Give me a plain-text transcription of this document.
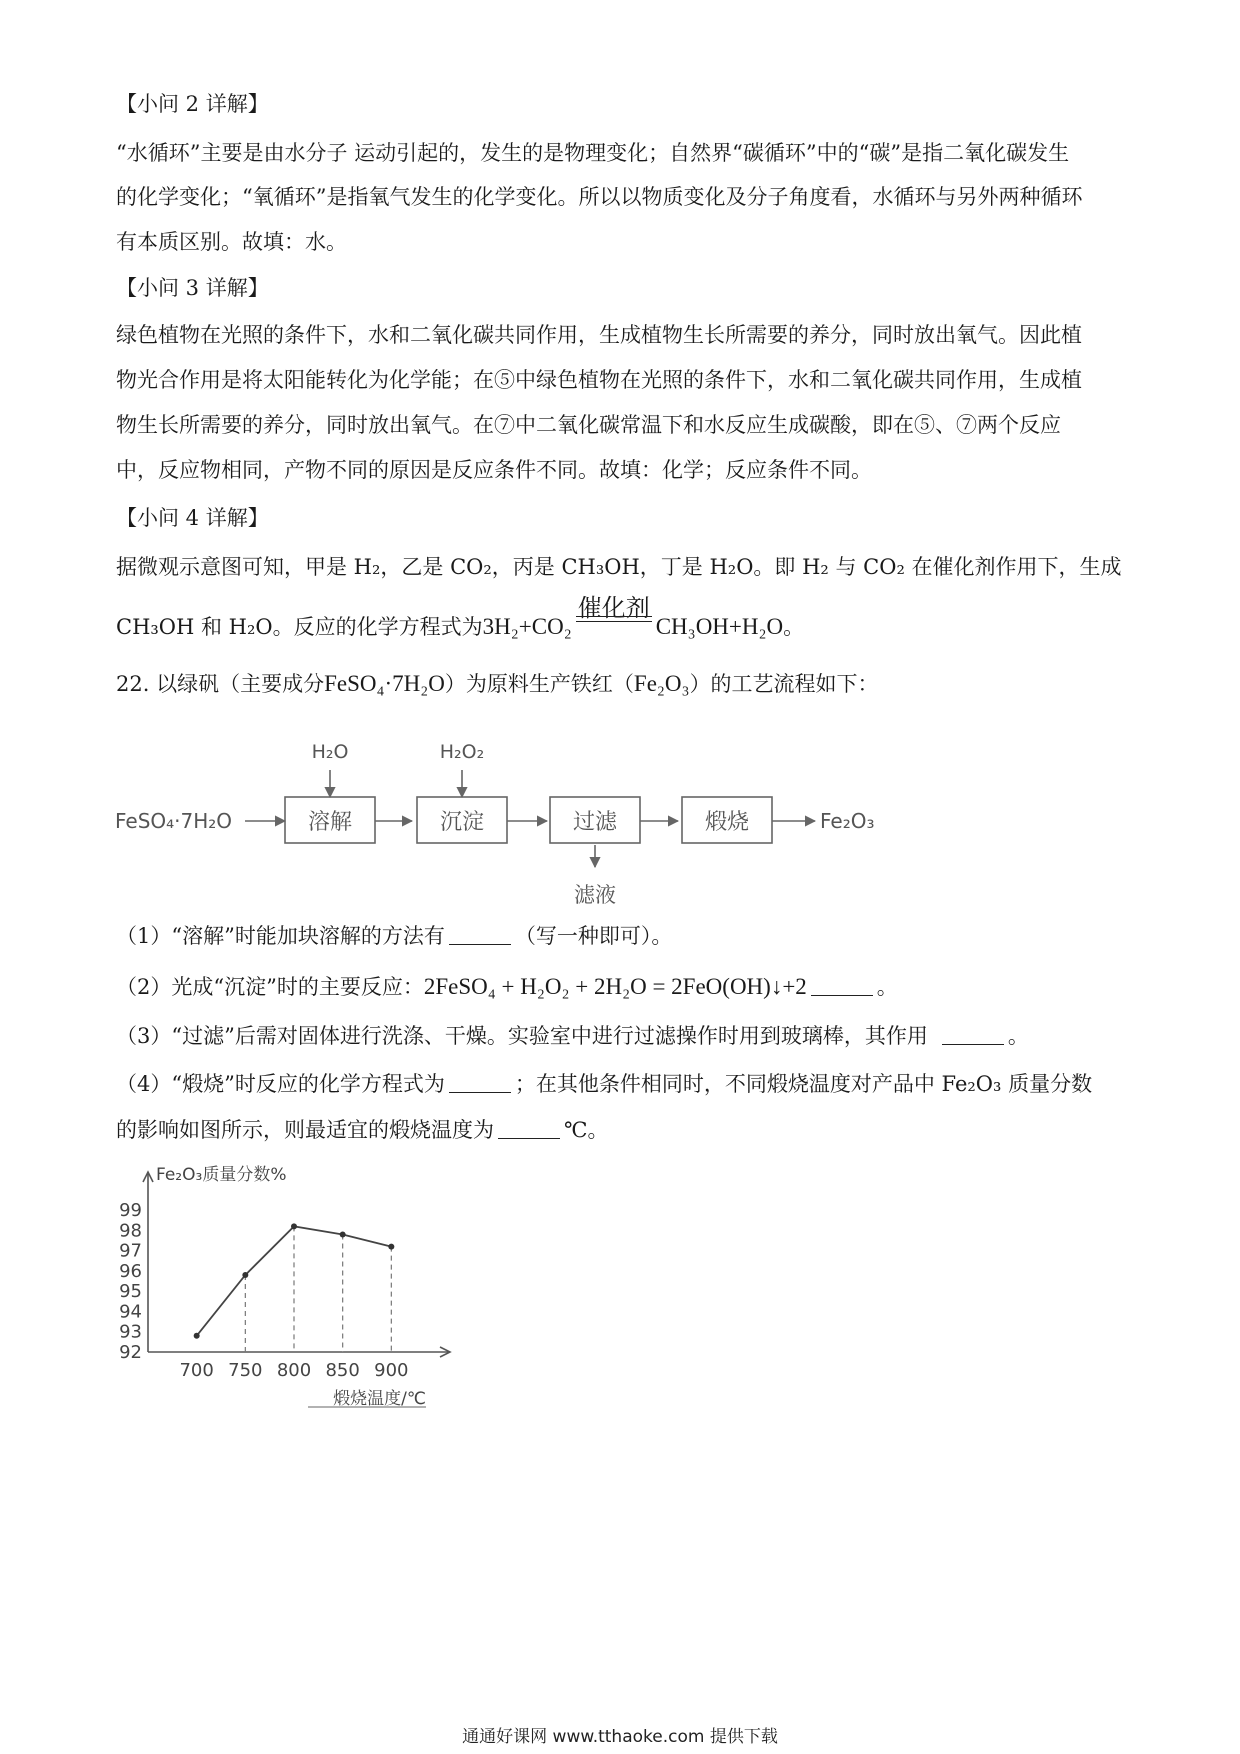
【小问 2 详解】

“水循环”主要是由水分子 运动引起的，发生的是物理变化；自然界“碳循环”中的“碳”是指二氧化碳发生

的化学变化；“氧循环”是指氧气发生的化学变化。所以以物质变化及分子角度看，水循环与另外两种循环

有本质区别。故填：水。

【小问 3 详解】

绿色植物在光照的条件下，水和二氧化碳共同作用，生成植物生长所需要的养分，同时放出氧气。因此植

物光合作用是将太阳能转化为化学能；在⑤中绿色植物在光照的条件下，水和二氧化碳共同作用，生成植

物生长所需要的养分，同时放出氧气。在⑦中二氧化碳常温下和水反应生成碳酸，即在⑤、⑦两个反应

中，反应物相同，产物不同的原因是反应条件不同。故填：化学；反应条件不同。

【小问 4 详解】

据微观示意图可知，甲是 H₂，乙是 CO₂，丙是 CH₃OH，丁是 H₂O。即 H₂ 与 CO₂ 在催化剂作用下，生成

CH₃OH 和 H₂O。反应的化学方程式为3H₂+CO₂
催化剂
CH₃OH+H₂O。

22. 以绿矾（主要成分FeSO₄·7H₂O）为原料生产铁红（Fe₂O₃）的工艺流程如下：

FeSO₄·7H₂O	溶解	沉淀	过滤	煅烧	Fe₂O₃
H₂O	H₂O₂
滤液

（1）“溶解”时能加块溶解的方法有	（写一种即可）。

（2）光成“沉淀”时的主要反应：2FeSO₄ + H₂O₂ + 2H₂O = 2FeO(OH)↓+2	。

（3）“过滤”后需对固体进行洗涤、干燥。实验室中进行过滤操作时用到玻璃棒，其作用	。

（4）“煅烧”时反应的化学方程式为	；在其他条件相同时，不同煅烧温度对产品中 Fe₂O₃ 质量分数

的影响如图所示，则最适宜的煅烧温度为	℃。

Fe₂O₃质量分数%
煅烧温度/℃
92
93
94
95
96
97
98
99
700 750 800 850 900
通通好课网 www.tthaoke.com 提供下载
